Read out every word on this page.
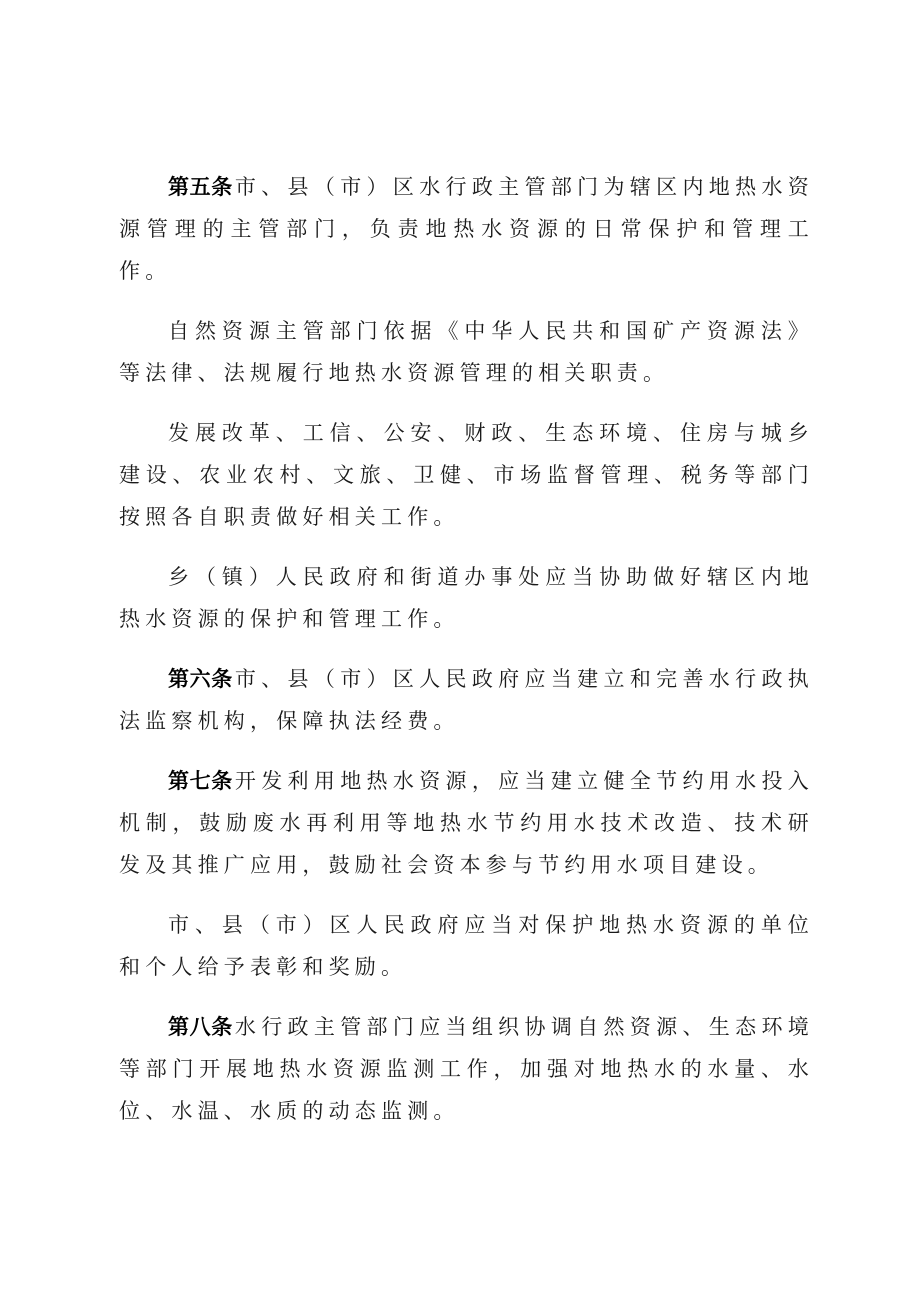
第五条市、县（市）区水行政主管部门为辖区内地热水资源管理的主管部门，负责地热水资源的日常保护和管理工作。

自然资源主管部门依据《中华人民共和国矿产资源法》等法律、法规履行地热水资源管理的相关职责。

发展改革、工信、公安、财政、生态环境、住房与城乡建设、农业农村、文旅、卫健、市场监督管理、税务等部门按照各自职责做好相关工作。

乡（镇）人民政府和街道办事处应当协助做好辖区内地热水资源的保护和管理工作。

第六条市、县（市）区人民政府应当建立和完善水行政执法监察机构，保障执法经费。

第七条开发利用地热水资源，应当建立健全节约用水投入机制，鼓励废水再利用等地热水节约用水技术改造、技术研发及其推广应用，鼓励社会资本参与节约用水项目建设。

市、县（市）区人民政府应当对保护地热水资源的单位和个人给予表彰和奖励。

第八条水行政主管部门应当组织协调自然资源、生态环境等部门开展地热水资源监测工作，加强对地热水的水量、水位、水温、水质的动态监测。
